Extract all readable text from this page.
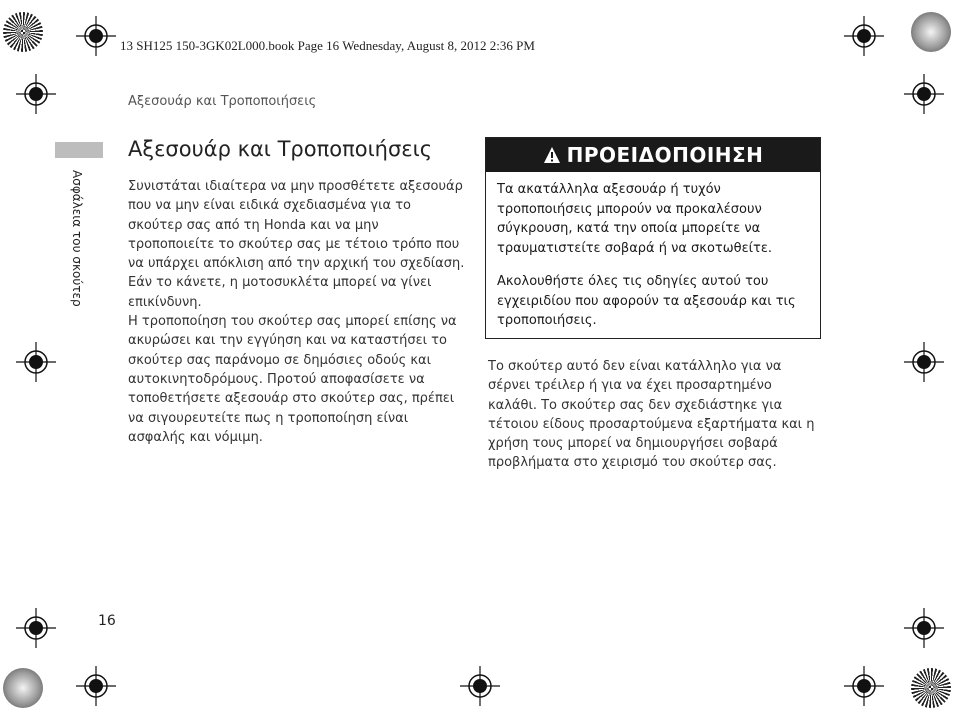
13 SH125 150-3GK02L000.book Page 16 Wednesday, August 8, 2012 2:36 PM
Αξεσουάρ και Τροποποιήσεις
Ασφάλεια του σκούτερ
Αξεσουάρ και Τροποποιήσεις

Συνιστάται ιδιαίτερα να μην προσθέτετε αξεσουάρ που να μην είναι ειδικά σχεδιασμένα για το σκούτερ σας από τη Honda και να μην τροποποιείτε το σκούτερ σας με τέτοιο τρόπο που να υπάρχει απόκλιση από την αρχική του σχεδίαση. Εάν το κάνετε, η μοτοσυκλέτα μπορεί να γίνει επικίνδυνη.

Η τροποποίηση του σκούτερ σας μπορεί επίσης να ακυρώσει και την εγγύηση και να καταστήσει το σκούτερ σας παράνομο σε δημόσιες οδούς και αυτοκινητοδρόμους. Προτού αποφασίσετε να τοποθετήσετε αξεσουάρ στο σκούτερ σας, πρέπει να σιγουρευτείτε πως η τροποποίηση είναι ασφαλής και νόμιμη.

ΠΡΟΕΙΔΟΠΟΙΗΣΗ

Τα ακατάλληλα αξεσουάρ ή τυχόν τροποποιήσεις μπορούν να προκαλέσουν σύγκρουση, κατά την οποία μπορείτε να τραυματιστείτε σοβαρά ή να σκοτωθείτε.

Ακολουθήστε όλες τις οδηγίες αυτού του εγχειριδίου που αφορούν τα αξεσουάρ και τις τροποποιήσεις.

Το σκούτερ αυτό δεν είναι κατάλληλο για να σέρνει τρέιλερ ή για να έχει προσαρτημένο καλάθι. Το σκούτερ σας δεν σχεδιάστηκε για τέτοιου είδους προσαρτούμενα εξαρτήματα και η χρήση τους μπορεί να δημιουργήσει σοβαρά προβλήματα στο χειρισμό του σκούτερ σας.

16
